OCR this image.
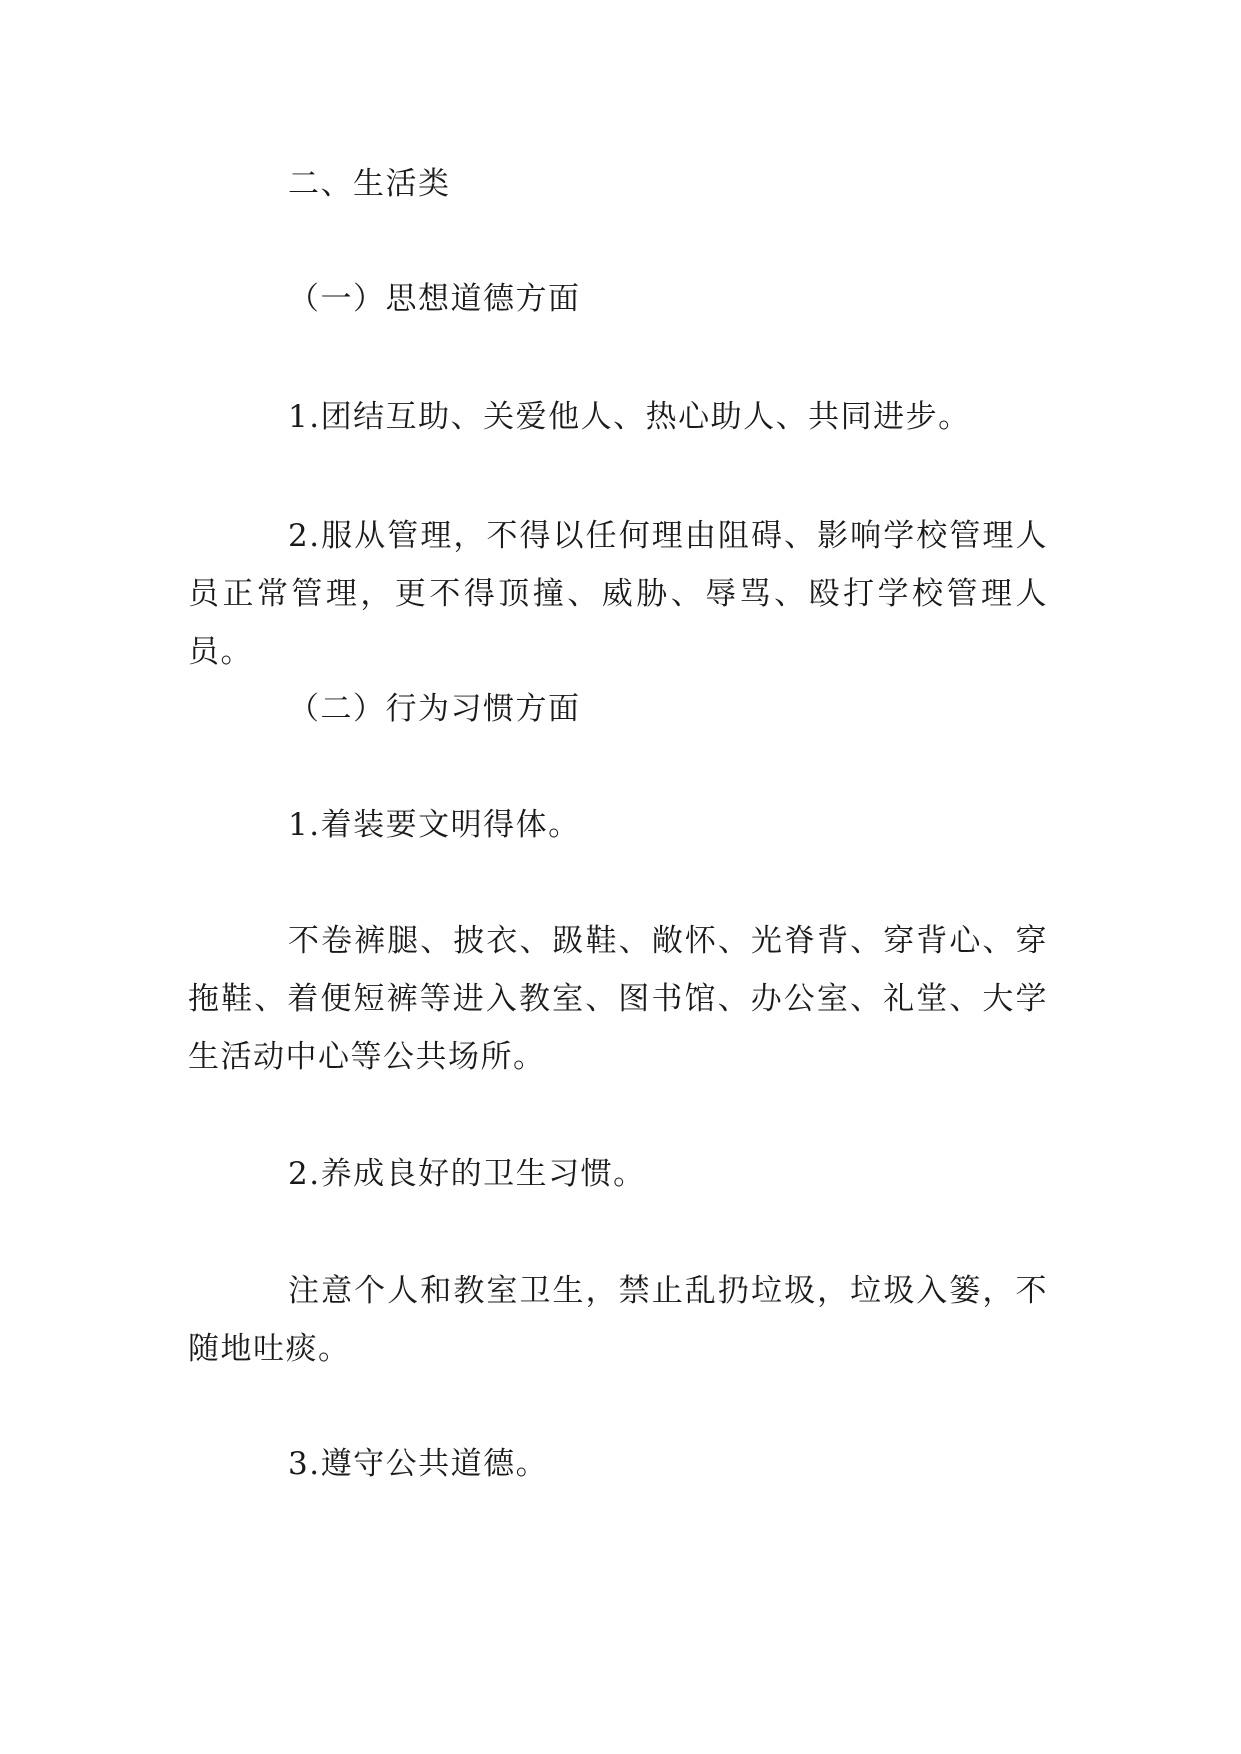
二、生活类

（一）思想道德方面

1.团结互助、关爱他人、热心助人、共同进步。

2.服从管理，不得以任何理由阻碍、影响学校管理人员正常管理，更不得顶撞、威胁、辱骂、殴打学校管理人员。

（二）行为习惯方面

1.着装要文明得体。

不卷裤腿、披衣、趿鞋、敞怀、光脊背、穿背心、穿拖鞋、着便短裤等进入教室、图书馆、办公室、礼堂、大学生活动中心等公共场所。

2.养成良好的卫生习惯。

注意个人和教室卫生，禁止乱扔垃圾，垃圾入篓，不随地吐痰。

3.遵守公共道德。
